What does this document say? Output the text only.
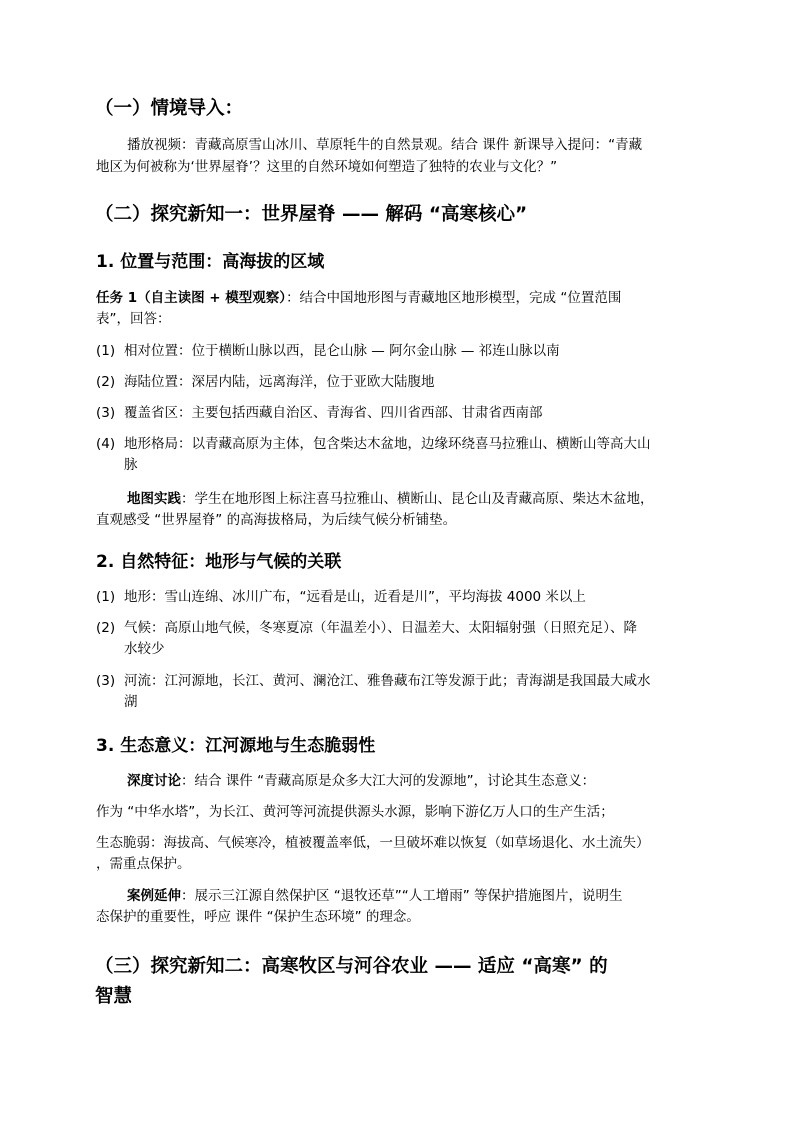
（一）情境导入：
播放视频：青藏高原雪山冰川、草原牦牛的自然景观。结合 课件 新课导入提问：“青藏
地区为何被称为‘世界屋脊’？这里的自然环境如何塑造了独特的农业与文化？”
（二）探究新知一：世界屋脊 —— 解码 “高寒核心”
1. 位置与范围：高海拔的区域
任务 1（自主读图 + 模型观察）：结合中国地形图与青藏地区地形模型，完成 “位置范围
表”，回答：
(1) 相对位置：位于横断山脉以西，昆仑山脉 — 阿尔金山脉 — 祁连山脉以南
(2) 海陆位置：深居内陆，远离海洋，位于亚欧大陆腹地
(3) 覆盖省区：主要包括西藏自治区、青海省、四川省西部、甘肃省西南部
(4) 地形格局：以青藏高原为主体，包含柴达木盆地，边缘环绕喜马拉雅山、横断山等高大山
脉
地图实践：学生在地形图上标注喜马拉雅山、横断山、昆仑山及青藏高原、柴达木盆地，
直观感受 “世界屋脊” 的高海拔格局，为后续气候分析铺垫。
2. 自然特征：地形与气候的关联
(1) 地形：雪山连绵、冰川广布，“远看是山，近看是川”，平均海拔 4000 米以上
(2) 气候：高原山地气候，冬寒夏凉（年温差小）、日温差大、太阳辐射强（日照充足）、降
水较少
(3) 河流：江河源地，长江、黄河、澜沧江、雅鲁藏布江等发源于此；青海湖是我国最大咸水
湖
3. 生态意义：江河源地与生态脆弱性
深度讨论：结合 课件 “青藏高原是众多大江大河的发源地”，讨论其生态意义：
作为 “中华水塔”，为长江、黄河等河流提供源头水源，影响下游亿万人口的生产生活；
生态脆弱：海拔高、气候寒冷，植被覆盖率低，一旦破坏难以恢复（如草场退化、水土流失）
，需重点保护。
案例延伸：展示三江源自然保护区 “退牧还草”“人工增雨” 等保护措施图片，说明生
态保护的重要性，呼应 课件 “保护生态环境” 的理念。
（三）探究新知二：高寒牧区与河谷农业 —— 适应 “高寒” 的
智慧
